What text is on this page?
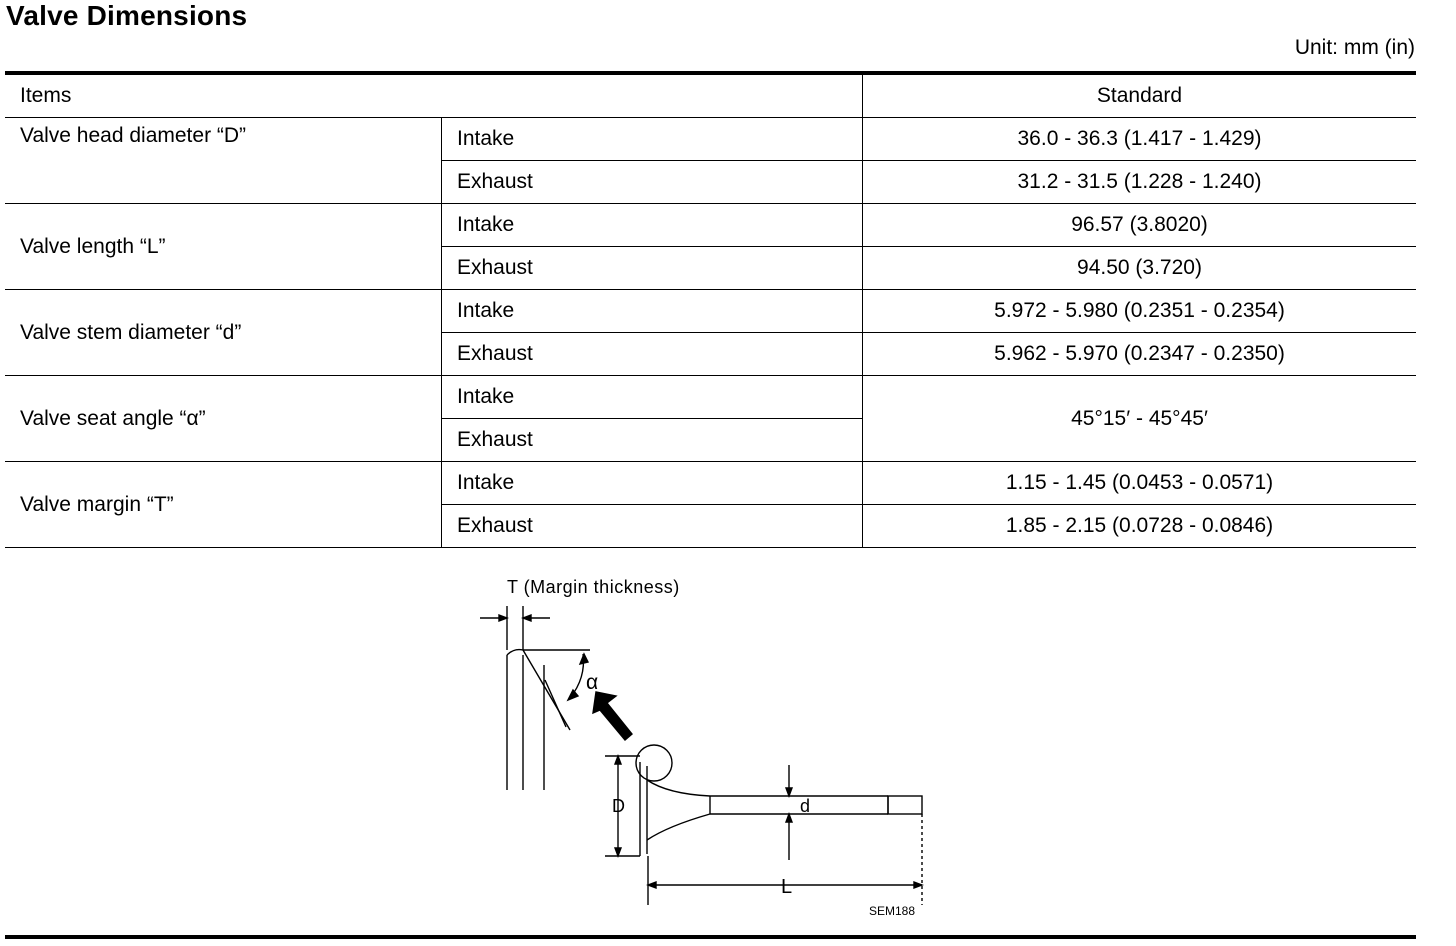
Valve Dimensions
Unit: mm (in)
Items		Standard
Valve head diameter “D”	Intake	36.0 - 36.3 (1.417 - 1.429)
	Exhaust	31.2 - 31.5 (1.228 - 1.240)
Valve length “L”	Intake	96.57 (3.8020)
	Exhaust	94.50 (3.720)
Valve stem diameter “d”	Intake	5.972 - 5.980 (0.2351 - 0.2354)
	Exhaust	5.962 - 5.970 (0.2347 - 0.2350)
Valve seat angle “α”	Intake	45°15′ - 45°45′
	Exhaust	
Valve margin “T”	Intake	1.15 - 1.45 (0.0453 - 0.0571)
	Exhaust	1.85 - 2.15 (0.0728 - 0.0846)
T (Margin thickness)
α
D	d
L
SEM188
